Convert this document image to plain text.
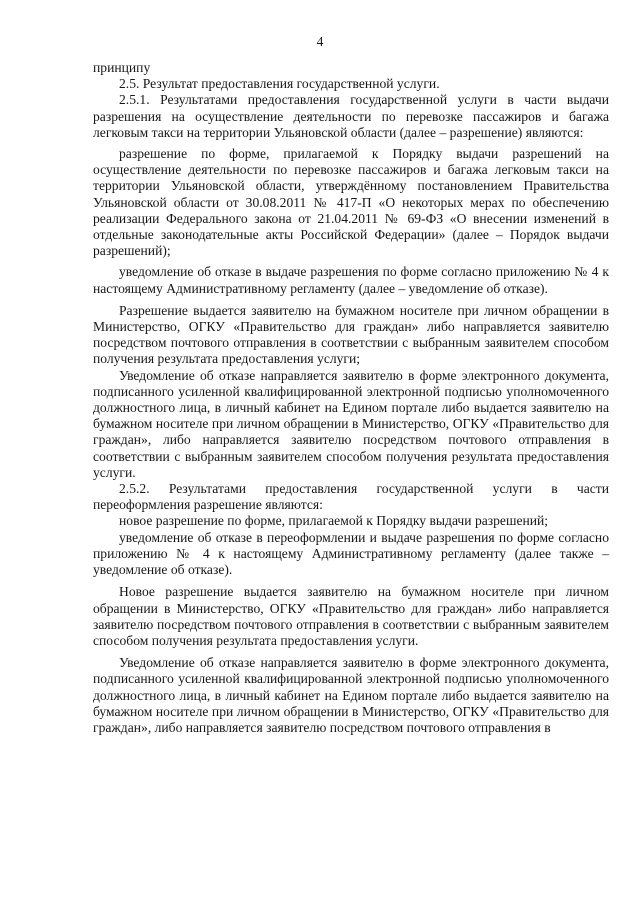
4

принципу

2.5. Результат предоставления государственной услуги.

2.5.1. Результатами предоставления государственной услуги в части выдачи разрешения на осуществление деятельности по перевозке пассажиров и багажа легковым такси на территории Ульяновской области (далее – разрешение) являются:

разрешение по форме, прилагаемой к Порядку выдачи разрешений на осуществление деятельности по перевозке пассажиров и багажа легковым такси на территории Ульяновской области, утверждённому постановлением Правительства Ульяновской области от 30.08.2011 № 417-П «О некоторых мерах по обеспечению реализации Федерального закона от 21.04.2011 № 69-ФЗ «О внесении изменений в отдельные законодательные акты Российской Федерации» (далее – Порядок выдачи разрешений);

уведомление об отказе в выдаче разрешения по форме согласно приложению № 4 к настоящему Административному регламенту (далее – уведомление об отказе).

Разрешение выдается заявителю на бумажном носителе при личном обращении в Министерство, ОГКУ «Правительство для граждан» либо направляется заявителю посредством почтового отправления в соответствии с выбранным заявителем способом получения результата предоставления услуги;

Уведомление об отказе направляется заявителю в форме электронного документа, подписанного усиленной квалифицированной электронной подписью уполномоченного должностного лица, в личный кабинет на Едином портале либо выдается заявителю на бумажном носителе при личном обращении в Министерство, ОГКУ «Правительство для граждан», либо направляется заявителю посредством почтового отправления в соответствии с выбранным заявителем способом получения результата предоставления услуги.

2.5.2. Результатами предоставления государственной услуги в части переоформления разрешение являются:

новое разрешение по форме, прилагаемой к Порядку выдачи разрешений;

уведомление об отказе в переоформлении и выдаче разрешения по форме согласно приложению № 4 к настоящему Административному регламенту (далее также – уведомление об отказе).

Новое разрешение выдается заявителю на бумажном носителе при личном обращении в Министерство, ОГКУ «Правительство для граждан» либо направляется заявителю посредством почтового отправления в соответствии с выбранным заявителем способом получения результата предоставления услуги.

Уведомление об отказе направляется заявителю в форме электронного документа, подписанного усиленной квалифицированной электронной подписью уполномоченного должностного лица, в личный кабинет на Едином портале либо выдается заявителю на бумажном носителе при личном обращении в Министерство, ОГКУ «Правительство для граждан», либо направляется заявителю посредством почтового отправления в
